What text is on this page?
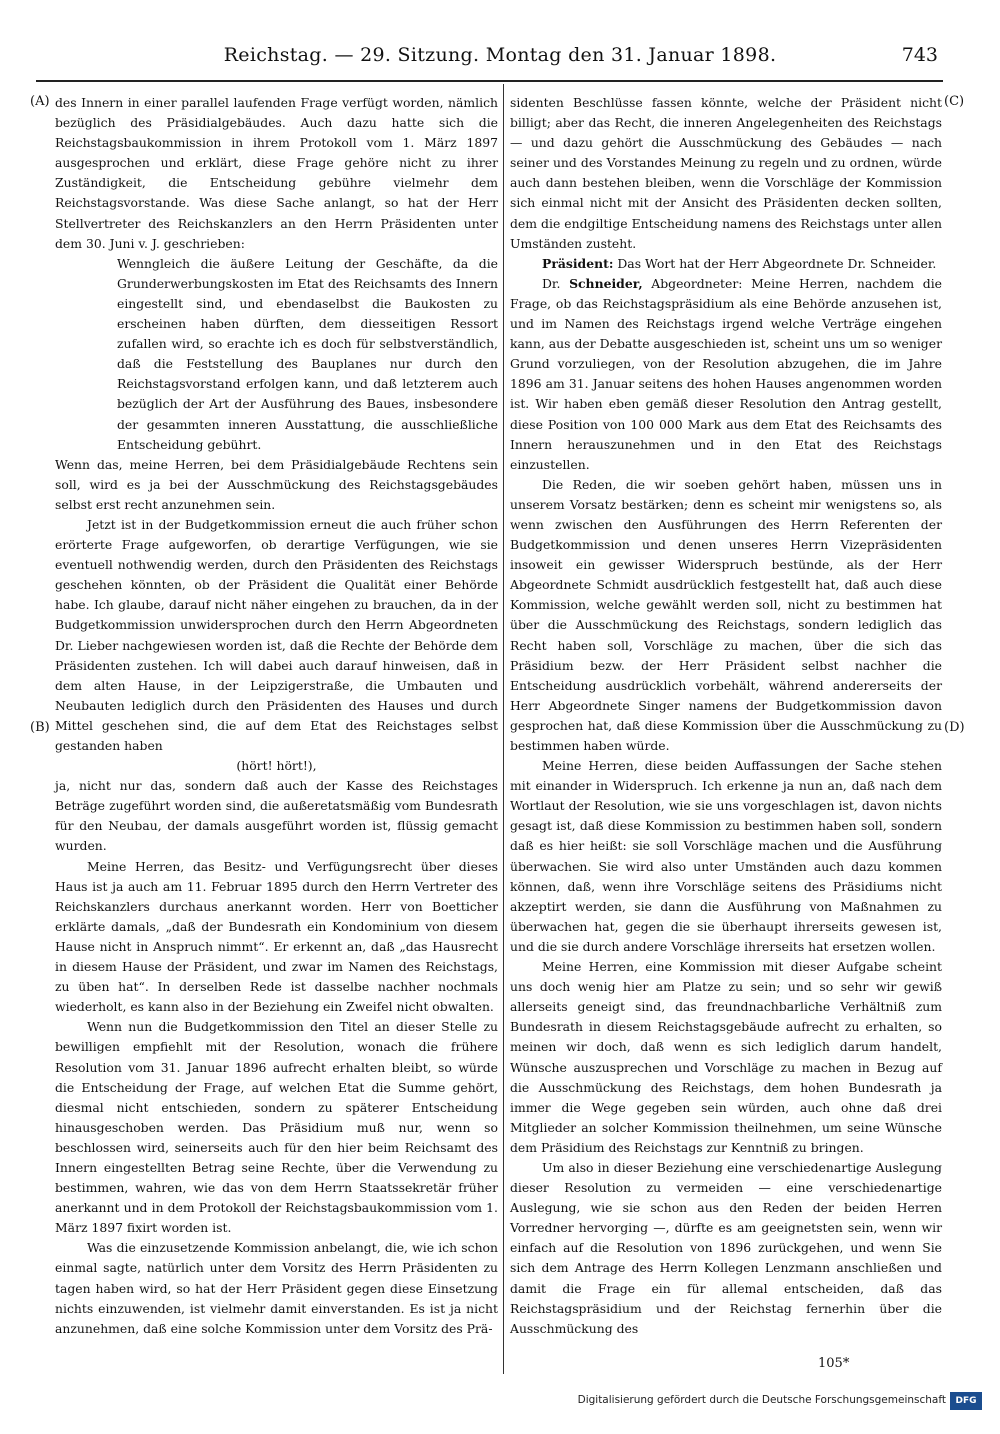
Reichstag. — 29. Sitzung. Montag den 31. Januar 1898.	743
(A)
(B)
(C)
(D)

des Innern in einer parallel laufenden Frage verfügt worden, nämlich bezüglich des Präsidialgebäudes. Auch dazu hatte sich die Reichstagsbaukommission in ihrem Protokoll vom 1. März 1897 ausgesprochen und erklärt, diese Frage gehöre nicht zu ihrer Zuständigkeit, die Entscheidung gebühre vielmehr dem Reichstagsvorstande. Was diese Sache anlangt, so hat der Herr Stellvertreter des Reichskanzlers an den Herrn Präsidenten unter dem 30. Juni v. J. geschrieben:

Wenngleich die äußere Leitung der Geschäfte, da die Grunderwerbungskosten im Etat des Reichsamts des Innern eingestellt sind, und ebendaselbst die Baukosten zu erscheinen haben dürften, dem diesseitigen Ressort zufallen wird, so erachte ich es doch für selbstverständlich, daß die Feststellung des Bauplanes nur durch den Reichstagsvorstand erfolgen kann, und daß letzterem auch bezüglich der Art der Ausführung des Baues, insbesondere der gesammten inneren Ausstattung, die ausschließliche Entscheidung gebührt.

Wenn das, meine Herren, bei dem Präsidialgebäude Rechtens sein soll, wird es ja bei der Ausschmückung des Reichstagsgebäudes selbst erst recht anzunehmen sein.

Jetzt ist in der Budgetkommission erneut die auch früher schon erörterte Frage aufgeworfen, ob derartige Verfügungen, wie sie eventuell nothwendig werden, durch den Präsidenten des Reichstags geschehen könnten, ob der Präsident die Qualität einer Behörde habe. Ich glaube, darauf nicht näher eingehen zu brauchen, da in der Budgetkommission unwidersprochen durch den Herrn Abgeordneten Dr. Lieber nachgewiesen worden ist, daß die Rechte der Behörde dem Präsidenten zustehen. Ich will dabei auch darauf hinweisen, daß in dem alten Hause, in der Leipzigerstraße, die Umbauten und Neubauten lediglich durch den Präsidenten des Hauses und durch Mittel geschehen sind, die auf dem Etat des Reichstages selbst gestanden haben

(hört! hört!),

ja, nicht nur das, sondern daß auch der Kasse des Reichstages Beträge zugeführt worden sind, die außeretatsmäßig vom Bundesrath für den Neubau, der damals ausgeführt worden ist, flüssig gemacht wurden.

Meine Herren, das Besitz- und Verfügungsrecht über dieses Haus ist ja auch am 11. Februar 1895 durch den Herrn Vertreter des Reichskanzlers durchaus anerkannt worden. Herr von Boetticher erklärte damals, „daß der Bundesrath ein Kondominium von diesem Hause nicht in Anspruch nimmt“. Er erkennt an, daß „das Hausrecht in diesem Hause der Präsident, und zwar im Namen des Reichstags, zu üben hat“. In derselben Rede ist dasselbe nachher nochmals wiederholt, es kann also in der Beziehung ein Zweifel nicht obwalten.

Wenn nun die Budgetkommission den Titel an dieser Stelle zu bewilligen empfiehlt mit der Resolution, wonach die frühere Resolution vom 31. Januar 1896 aufrecht erhalten bleibt, so würde die Entscheidung der Frage, auf welchen Etat die Summe gehört, diesmal nicht entschieden, sondern zu späterer Entscheidung hinausgeschoben werden. Das Präsidium muß nur, wenn so beschlossen wird, seinerseits auch für den hier beim Reichsamt des Innern eingestellten Betrag seine Rechte, über die Verwendung zu bestimmen, wahren, wie das von dem Herrn Staatssekretär früher anerkannt und in dem Protokoll der Reichstagsbaukommission vom 1. März 1897 fixirt worden ist.

Was die einzusetzende Kommission anbelangt, die, wie ich schon einmal sagte, natürlich unter dem Vorsitz des Herrn Präsidenten zu tagen haben wird, so hat der Herr Präsident gegen diese Einsetzung nichts einzuwenden, ist vielmehr damit einverstanden. Es ist ja nicht anzunehmen, daß eine solche Kommission unter dem Vorsitz des Prä-

sidenten Beschlüsse fassen könnte, welche der Präsident nicht billigt; aber das Recht, die inneren Angelegenheiten des Reichstags — und dazu gehört die Ausschmückung des Gebäudes — nach seiner und des Vorstandes Meinung zu regeln und zu ordnen, würde auch dann bestehen bleiben, wenn die Vorschläge der Kommission sich einmal nicht mit der Ansicht des Präsidenten decken sollten, dem die endgiltige Entscheidung namens des Reichstags unter allen Umständen zusteht.

Präsident: Das Wort hat der Herr Abgeordnete Dr. Schneider.

Dr. Schneider, Abgeordneter: Meine Herren, nachdem die Frage, ob das Reichstagspräsidium als eine Behörde anzusehen ist, und im Namen des Reichstags irgend welche Verträge eingehen kann, aus der Debatte ausgeschieden ist, scheint uns um so weniger Grund vorzuliegen, von der Resolution abzugehen, die im Jahre 1896 am 31. Januar seitens des hohen Hauses angenommen worden ist. Wir haben eben gemäß dieser Resolution den Antrag gestellt, diese Position von 100 000 Mark aus dem Etat des Reichsamts des Innern herauszunehmen und in den Etat des Reichstags einzustellen.

Die Reden, die wir soeben gehört haben, müssen uns in unserem Vorsatz bestärken; denn es scheint mir wenigstens so, als wenn zwischen den Ausführungen des Herrn Referenten der Budgetkommission und denen unseres Herrn Vizepräsidenten insoweit ein gewisser Widerspruch bestünde, als der Herr Abgeordnete Schmidt ausdrücklich festgestellt hat, daß auch diese Kommission, welche gewählt werden soll, nicht zu bestimmen hat über die Ausschmückung des Reichstags, sondern lediglich das Recht haben soll, Vorschläge zu machen, über die sich das Präsidium bezw. der Herr Präsident selbst nachher die Entscheidung ausdrücklich vorbehält, während andererseits der Herr Abgeordnete Singer namens der Budgetkommission davon gesprochen hat, daß diese Kommission über die Ausschmückung zu bestimmen haben würde.

Meine Herren, diese beiden Auffassungen der Sache stehen mit einander in Widerspruch. Ich erkenne ja nun an, daß nach dem Wortlaut der Resolution, wie sie uns vorgeschlagen ist, davon nichts gesagt ist, daß diese Kommission zu bestimmen haben soll, sondern daß es hier heißt: sie soll Vorschläge machen und die Ausführung überwachen. Sie wird also unter Umständen auch dazu kommen können, daß, wenn ihre Vorschläge seitens des Präsidiums nicht akzeptirt werden, sie dann die Ausführung von Maßnahmen zu überwachen hat, gegen die sie überhaupt ihrerseits gewesen ist, und die sie durch andere Vorschläge ihrerseits hat ersetzen wollen.

Meine Herren, eine Kommission mit dieser Aufgabe scheint uns doch wenig hier am Platze zu sein; und so sehr wir gewiß allerseits geneigt sind, das freundnachbarliche Verhältniß zum Bundesrath in diesem Reichstagsgebäude aufrecht zu erhalten, so meinen wir doch, daß wenn es sich lediglich darum handelt, Wünsche auszusprechen und Vorschläge zu machen in Bezug auf die Ausschmückung des Reichstags, dem hohen Bundesrath ja immer die Wege gegeben sein würden, auch ohne daß drei Mitglieder an solcher Kommission theilnehmen, um seine Wünsche dem Präsidium des Reichstags zur Kenntniß zu bringen.

Um also in dieser Beziehung eine verschiedenartige Auslegung dieser Resolution zu vermeiden — eine verschiedenartige Auslegung, wie sie schon aus den Reden der beiden Herren Vorredner hervorging —, dürfte es am geeignetsten sein, wenn wir einfach auf die Resolution von 1896 zurückgehen, und wenn Sie sich dem Antrage des Herrn Kollegen Lenzmann anschließen und damit die Frage ein für allemal entscheiden, daß das Reichstagspräsidium und der Reichstag fernerhin über die Ausschmückung des

105*
Digitalisierung gefördert durch die Deutsche Forschungsgemeinschaft	DFG
